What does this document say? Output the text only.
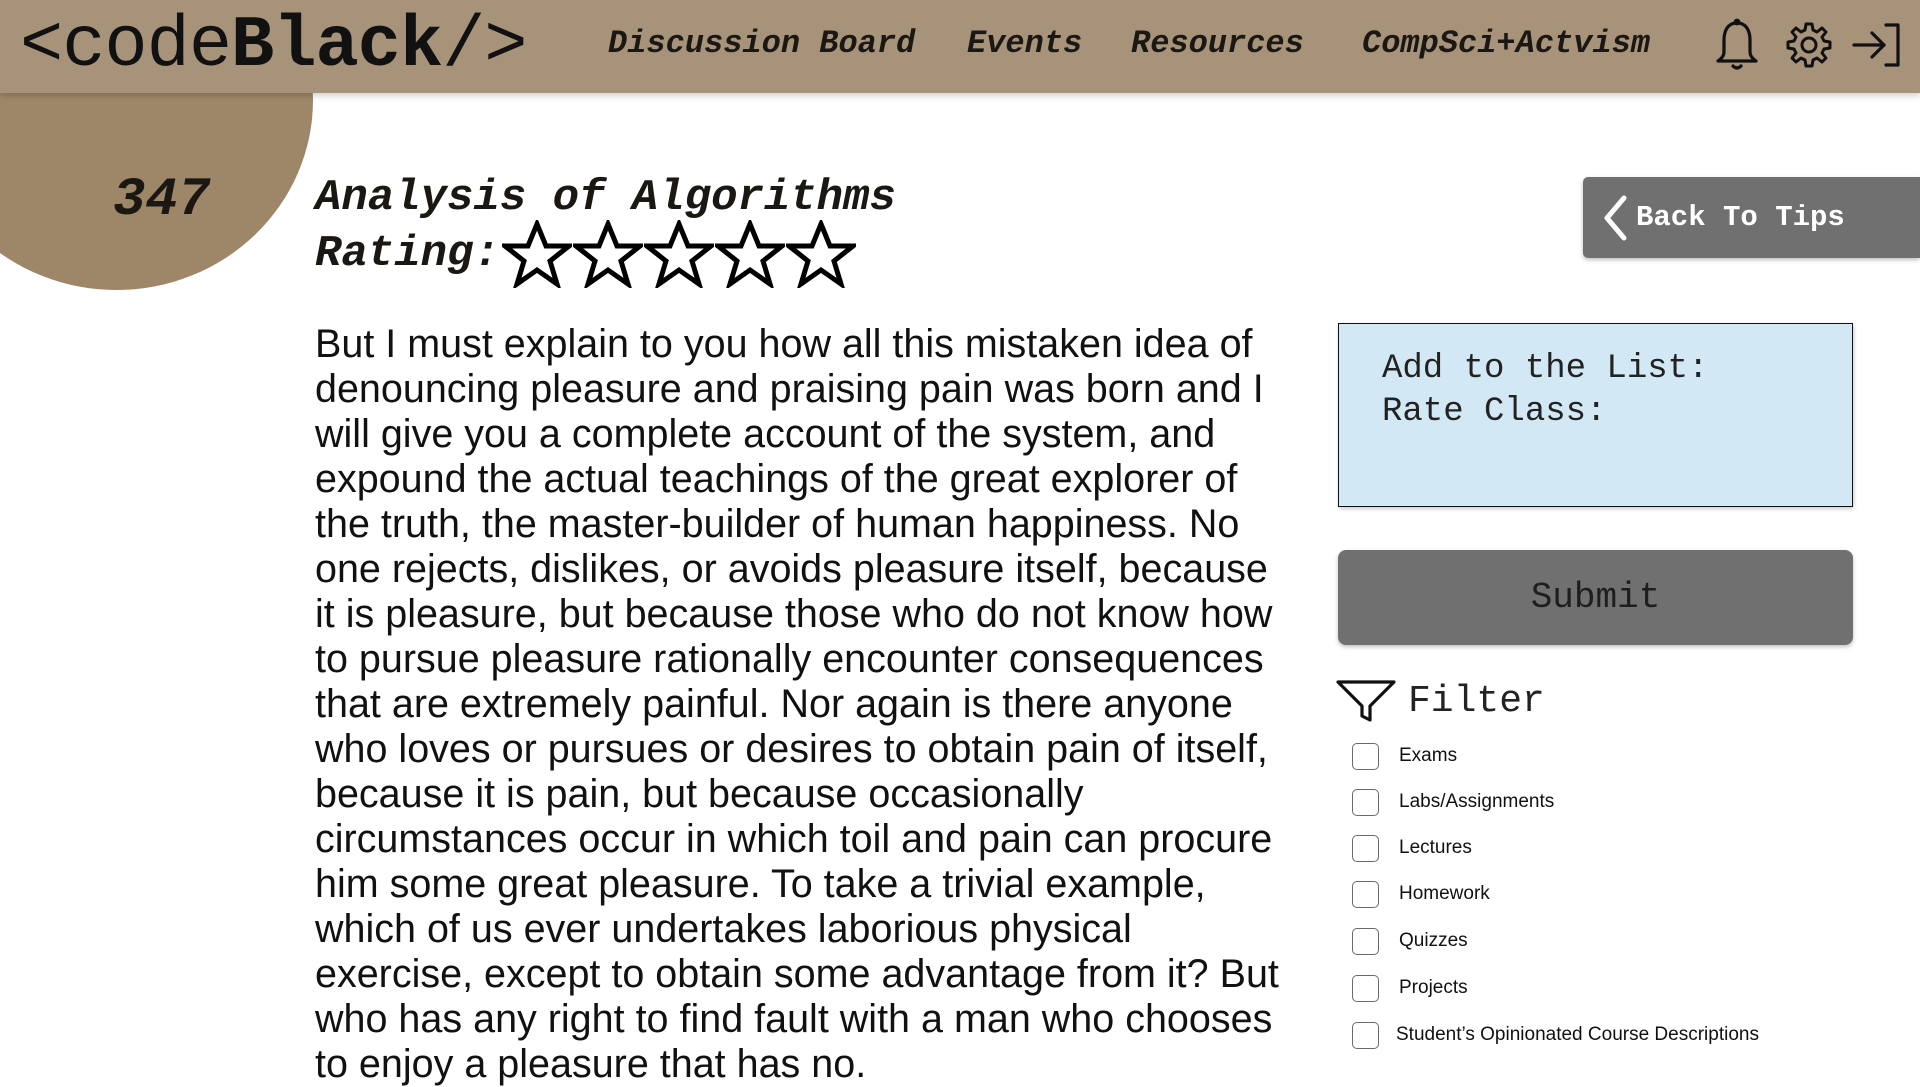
<codeBlack/>	Discussion Board Events Resources CompSci+Actvism
347 Analysis of Algorithms
Rating:

But I must explain to you how all this mistaken idea of denouncing pleasure and praising pain was born and I will give you a complete account of the system, and expound the actual teachings of the great explorer of the truth, the master-builder of human happiness. No one rejects, dislikes, or avoids pleasure itself, because it is pleasure, but because those who do not know how to pursue pleasure rationally encounter consequences that are extremely painful. Nor again is there anyone who loves or pursues or desires to obtain pain of itself, because it is pain, but because occasionally circumstances occur in which toil and pain can procure him some great pleasure. To take a trivial example, which of us ever undertakes laborious physical exercise, except to obtain some advantage from it? But who has any right to find fault with a man who chooses to enjoy a pleasure that has no.

Back To Tips
Add to the List:
Rate Class:
Submit
Filter
Exams
Labs/Assignments
Lectures
Homework
Quizzes
Projects
Student’s Opinionated Course Descriptions
